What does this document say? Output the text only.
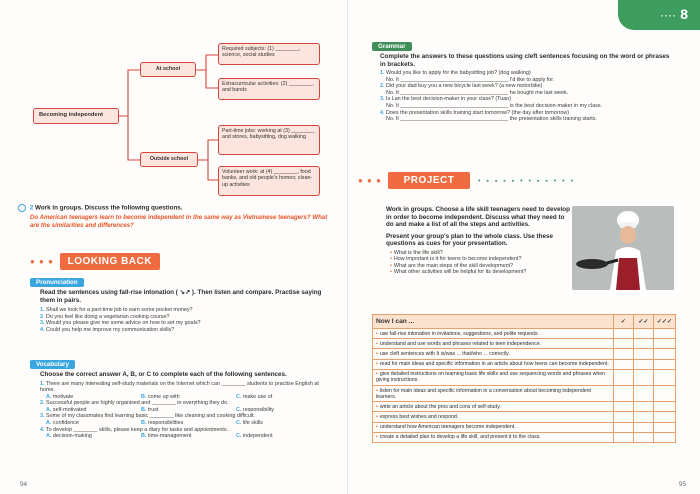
Becoming independent
At school
Outside school
Required subjects: (1) ________, science, social studies
Extracurricular activities: (2) ________, and bands
Part-time jobs: working at (3) ________ and stores, babysitting, dog walking
Volunteer work: at (4) ________, food banks, and old people's homes; clean-up activities
2 Work in groups. Discuss the following questions.
Do American teenagers learn to become independent in the same way as Vietnamese teenagers? What are the similarities and differences?
● ● ● LOOKING BACK
Pronunciation
Read the sentences using fall-rise intonation ( ↘↗ ). Then listen and compare. Practise saying them in pairs.
1. Shall we look for a part-time job to earn some pocket money?
2. Do you feel like doing a vegetarian cooking course?
3. Would you please give me some advice on how to set my goals?
4. Could you help me improve my communication skills?
Vocabulary
Choose the correct answer A, B, or C to complete each of the following sentences.
1. There are many interesting self-study materials on the Internet which can ________ students to practise English at home.
A. motivate	B. come up with	C. make use of
2. Successful people are highly organised and ________ in everything they do.
A. self-motivated	B. trust	C. responsibility
3. Some of my classmates find learning basic ________ like cleaning and cooking difficult.
A. confidence	B. responsibilities	C. life skills
4. To develop ________ skills, please keep a diary for tasks and appointments.
A. decision-making	B. time-management	C. independent
94
···· 8
Grammar
Complete the answers to these questions using cleft sentences focusing on the word or phrases in brackets.
1. Would you like to apply for the babysitting job? (dog walking)
No. It ____________________________________ I'd like to apply for.
2. Did your dad buy you a new bicycle last week? (a new motorbike)
No. It ____________________________________ he bought me last week.
3. Is Lan the best decision-maker in your class? (Tuan)
No. It ____________________________________ is the best decision-maker in my class.
4. Does the presentation skills training start tomorrow? (the day after tomorrow)
No. It ____________________________________ the presentation skills training starts.
● ● ● PROJECT	• ▪ ▪ ▪ ▪ • • ▪ ▪ • • •
Work in groups. Choose a life skill teenagers need to develop in order to become independent. Discuss what they need to do and make a list of all the steps and activities.
Present your group's plan to the whole class. Use these questions as cues for your presentation.
• What is the life skill?
• How important is it for teens to become independent?
• What are the main steps of the skill development?
• What other activities will be helpful for its development?
Now I can ...	✓	✓✓	✓✓✓
• use fall-rise intonation in invitations, suggestions, and polite requests.			
• understand and use words and phrases related to teen independence.			
• use cleft sentences with It is/was ... that/who ... correctly.			
• read for main ideas and specific information in an article about how teens can become independent.			
• give detailed instructions on learning basic life skills and use sequencing words and phrases when giving instructions.			
• listen for main ideas and specific information in a conversation about becoming independent learners.			
• write an article about the pros and cons of self-study.			
• express best wishes and respond.			
• understand how American teenagers become independent.			
• create a detailed plan to develop a life skill, and present it to the class.			
95
